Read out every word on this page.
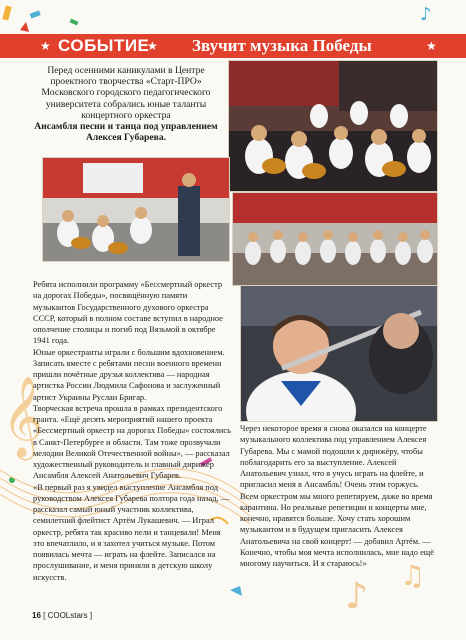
𝄞
♪
♫
♪
★	★	★
СОБЫТИЕ	Звучит музыка Победы
Перед осенними каникулами в Центре проектного творчества «Старт-ПРО» Московского городского педагогического университета собрались юные таланты концертного оркестра
Ансамбля песни и танца под управлением Алексея Губарева.

Ребята исполнили программу «Бессмертный оркестр на дорогах Победы», посвящённую памяти музыкантов Государственного духового оркестра СССР, который в полном составе вступил в народное ополчение столицы и погиб под Вязьмой в октябре 1941 года.

Юные оркестранты играли с большим вдохновением. Записать вместе с ребятами песни военного времени пришли почётные друзья коллектива — народная артистка России Людмила Сафонова и заслуженный артист Украины Руслан Бригар.

Творческая встреча прошла в рамках президентского гранта. «Ещё десять мероприятий нашего проекта «Бессмертный оркестр на дорогах Победы» состоялись в Санкт-Петербурге и области. Там тоже прозвучали мелодии Великой Отечественной войны», — рассказал художественный руководитель и главный дирижёр Ансамбля Алексей Анатольевич Губарев.

«В первый раз я увидел выступление Ансамбля под руководством Алексея Губарева полтора года назад, — рассказал самый юный участник коллектива, семилетний флейтист Артём Лукашевич. — Играл оркестр, ребята так красиво пели и танцевали! Меня это впечатлило, и я захотел учиться музыке. Потом появилась мечта — играть на флейте. Записался на прослушивание, и меня приняли в детскую школу искусств.

Через некоторое время я снова оказался на концерте музыкального коллектива под управлением Алексея Губарева. Мы с мамой подошли к дирижёру, чтобы поблагодарить его за выступление. Алексей Анатольевич узнал, что я учусь играть на флейте, и пригласил меня в Ансамбль! Очень этим горжусь.

Всем оркестром мы много репетируем, даже во время карантина. Но реальные репетиции и концерты мне, конечно, нравятся больше. Хочу стать хорошим музыкантом и в будущем пригласить Алексея Анатольевича на свой концерт! — добавил Артём. — Конечно, чтобы моя мечта исполнилась, мне надо ещё многому научиться. И я стараюсь!»

16 [ COOLstars ]
